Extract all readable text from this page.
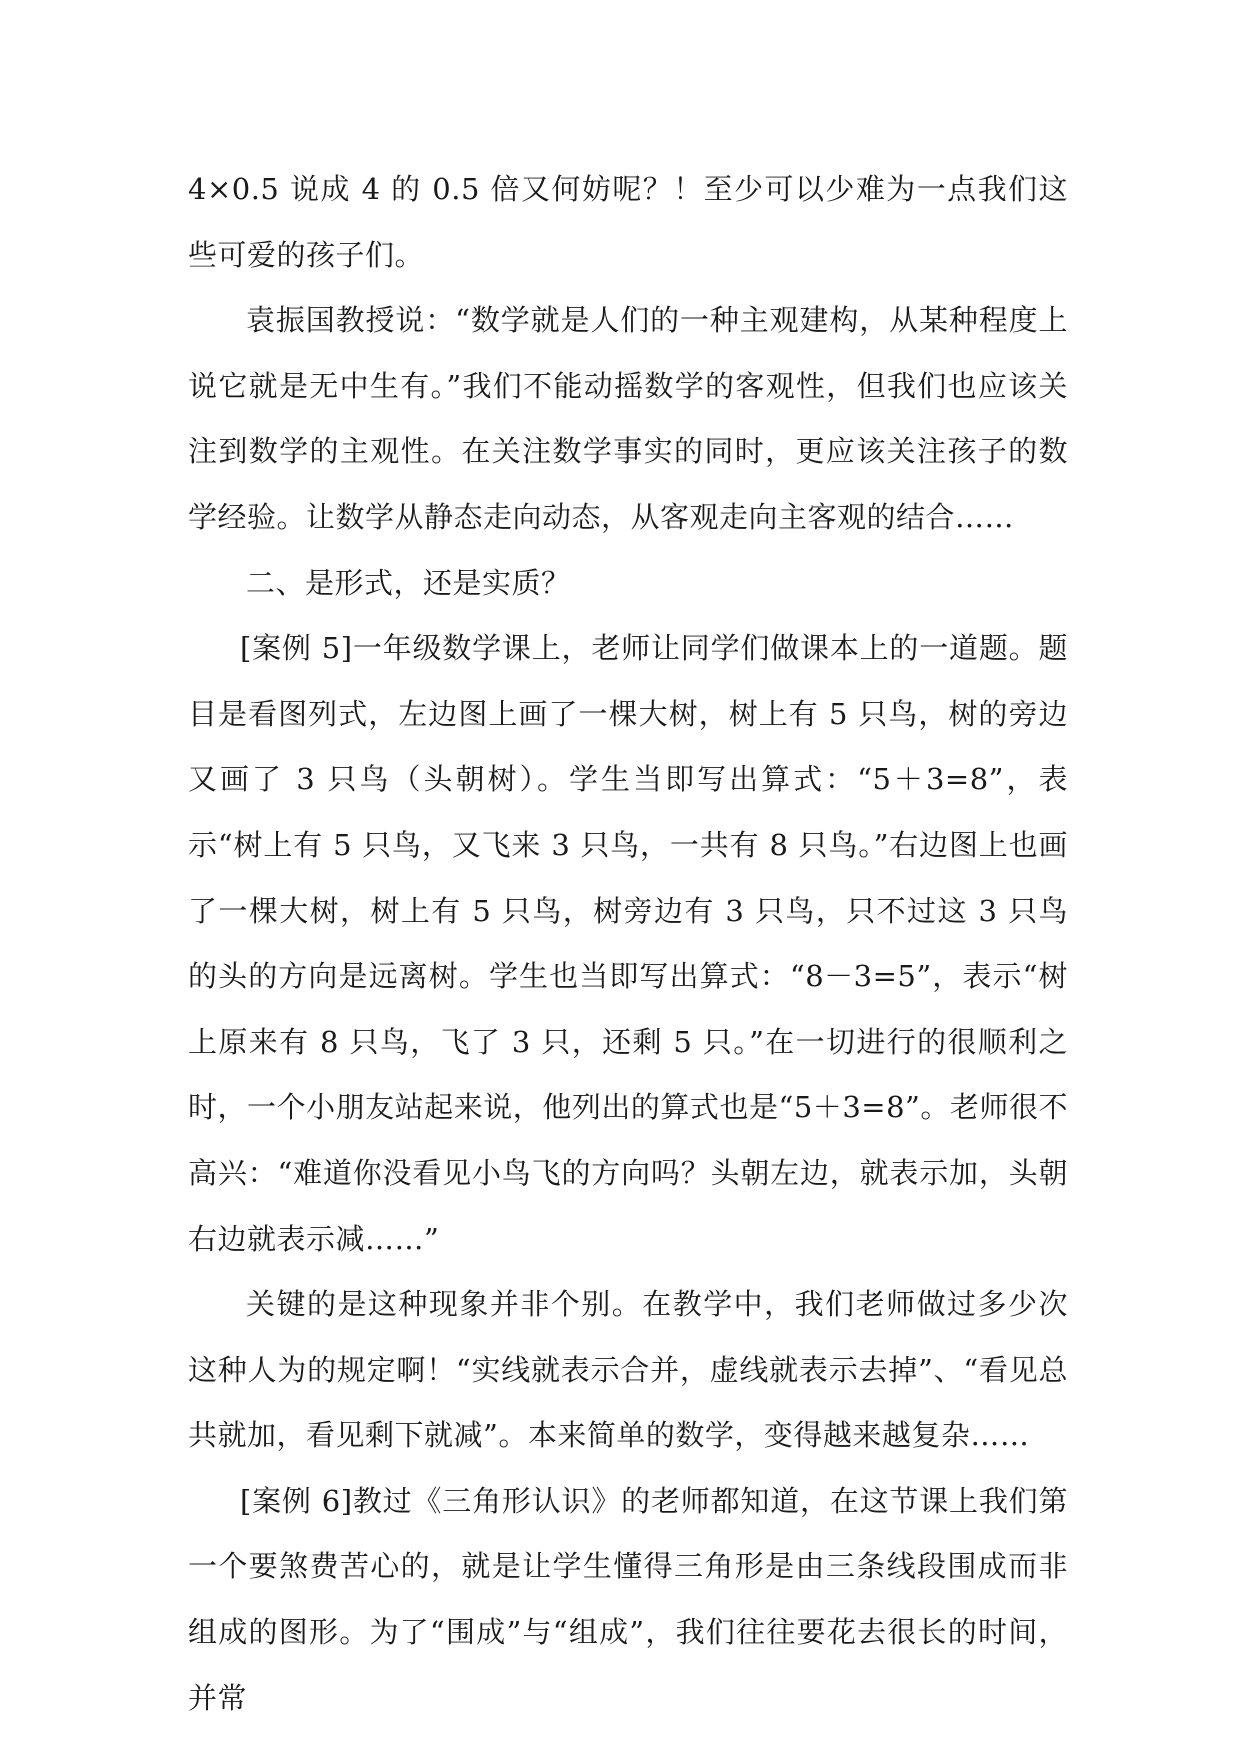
4×0.5 说成 4 的 0.5 倍又何妨呢？！至少可以少难为一点我们这些可爱的孩子们。

袁振国教授说：“数学就是人们的一种主观建构，从某种程度上说它就是无中生有。”我们不能动摇数学的客观性，但我们也应该关注到数学的主观性。在关注数学事实的同时，更应该关注孩子的数学经验。让数学从静态走向动态，从客观走向主客观的结合……

二、是形式，还是实质？

[案例 5]一年级数学课上，老师让同学们做课本上的一道题。题目是看图列式，左边图上画了一棵大树，树上有 5 只鸟，树的旁边又画了 3 只鸟（头朝树）。学生当即写出算式：“5＋3=8”，表示“树上有 5 只鸟，又飞来 3 只鸟，一共有 8 只鸟。”右边图上也画了一棵大树，树上有 5 只鸟，树旁边有 3 只鸟，只不过这 3 只鸟的头的方向是远离树。学生也当即写出算式：“8－3=5”，表示“树上原来有 8 只鸟，飞了 3 只，还剩 5 只。”在一切进行的很顺利之时，一个小朋友站起来说，他列出的算式也是“5＋3=8”。老师很不高兴：“难道你没看见小鸟飞的方向吗？头朝左边，就表示加，头朝右边就表示减……”

关键的是这种现象并非个别。在教学中，我们老师做过多少次这种人为的规定啊！“实线就表示合并，虚线就表示去掉”、“看见总共就加，看见剩下就减”。本来简单的数学，变得越来越复杂……

[案例 6]教过《三角形认识》的老师都知道，在这节课上我们第一个要煞费苦心的，就是让学生懂得三角形是由三条线段围成而非组成的图形。为了“围成”与“组成”，我们往往要花去很长的时间，并常
